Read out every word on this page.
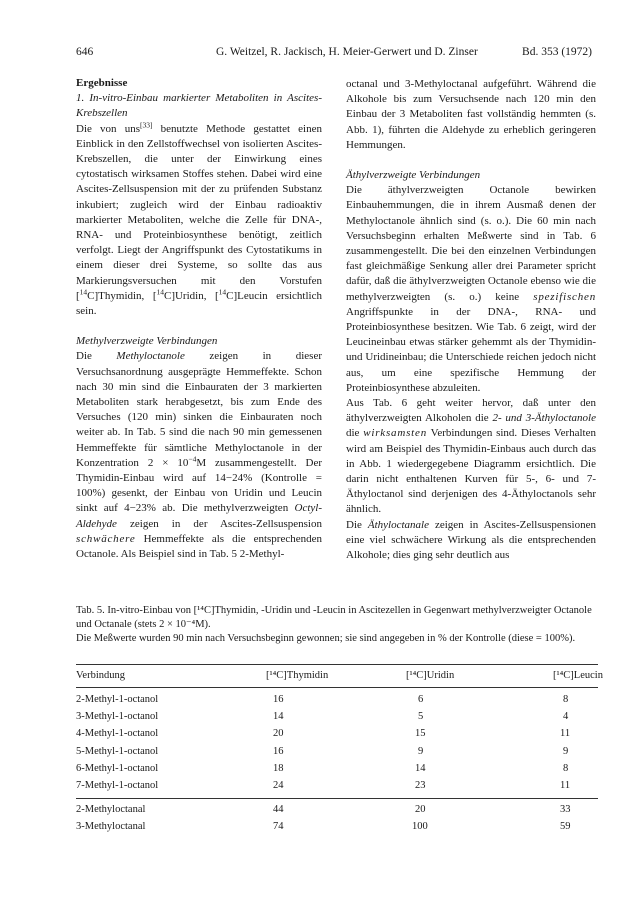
646	G. Weitzel, R. Jackisch, H. Meier-Gerwert und D. Zinser	Bd. 353 (1972)

Ergebnisse

1. In-vitro-Einbau markierter Metaboliten in Ascites-Krebszellen

Die von uns[33] benutzte Methode gestattet einen Einblick in den Zellstoffwechsel von isolierten Ascites-Krebszellen, die unter der Einwirkung eines cytostatisch wirksamen Stoffes stehen. Dabei wird eine Ascites-Zellsuspension mit der zu prüfenden Substanz inkubiert; zugleich wird der Einbau radioaktiv markierter Metaboliten, welche die Zelle für DNA-, RNA- und Proteinbiosynthese benötigt, zeitlich verfolgt. Liegt der Angriffspunkt des Cytostatikums in einem dieser drei Systeme, so sollte das aus Markierungsversuchen mit den Vorstufen [$^{14}$C]Thymidin, [$^{14}$C]Uridin, [$^{14}$C]Leucin ersichtlich sein.

Methylverzweigte Verbindungen

Die Methyloctanole zeigen in dieser Versuchsanordnung ausgeprägte Hemmeffekte. Schon nach 30 min sind die Einbauraten der 3 markierten Metaboliten stark herabgesetzt, bis zum Ende des Versuches (120 min) sinken die Einbauraten noch weiter ab. In Tab. 5 sind die nach 90 min gemessenen Hemmeffekte für sämtliche Methyloctanole in der Konzentration $2 \times 10^{-4}M$ zusammengestellt. Der Thymidin-Einbau wird auf 14−24% (Kontrolle = 100%) gesenkt, der Einbau von Uridin und Leucin sinkt auf 4−23% ab. Die methylverzweigten Octyl-Aldehyde zeigen in der Ascites-Zellsuspension schwächere Hemmeffekte als die entsprechenden Octanole. Als Beispiel sind in Tab. 5 2-Methyl-

octanal und 3-Methyloctanal aufgeführt. Während die Alkohole bis zum Versuchsende nach 120 min den Einbau der 3 Metaboliten fast vollständig hemmten (s. Abb. 1), führten die Aldehyde zu erheblich geringeren Hemmungen.

Äthylverzweigte Verbindungen

Die äthylverzweigten Octanole bewirken Einbauhemmungen, die in ihrem Ausmaß denen der Methyloctanole ähnlich sind (s. o.). Die 60 min nach Versuchsbeginn erhalten Meßwerte sind in Tab. 6 zusammengestellt. Die bei den einzelnen Verbindungen fast gleichmäßige Senkung aller drei Parameter spricht dafür, daß die äthylverzweigten Octanole ebenso wie die methylverzweigten (s. o.) keine spezifischen Angriffspunkte in der DNA-, RNA- und Proteinbiosynthese besitzen. Wie Tab. 6 zeigt, wird der Leucineinbau etwas stärker gehemmt als der Thymidin- und Uridineinbau; die Unterschiede reichen jedoch nicht aus, um eine spezifische Hemmung der Proteinbiosynthese abzuleiten.

Aus Tab. 6 geht weiter hervor, daß unter den äthylverzweigten Alkoholen die 2- und 3-Äthyloctanole die wirksamsten Verbindungen sind. Dieses Verhalten wird am Beispiel des Thymidin-Einbaus auch durch das in Abb. 1 wiedergegebene Diagramm ersichtlich. Die darin nicht enthaltenen Kurven für 5-, 6- und 7-Äthyloctanol sind derjenigen des 4-Äthyloctanols sehr ähnlich.

Die Äthyloctanale zeigen in Ascites-Zellsuspensionen eine viel schwächere Wirkung als die entsprechenden Alkohole; dies ging sehr deutlich aus

Tab. 5. In-vitro-Einbau von [¹⁴C]Thymidin, -Uridin und -Leucin in Ascitezellen in Gegenwart methylverzweigter Octanole und Octanale (stets 2 × 10⁻⁴M).

Die Meßwerte wurden 90 min nach Versuchsbeginn gewonnen; sie sind angegeben in % der Kontrolle (diese = 100%).

Verbindung	[¹⁴C]Thymidin	[¹⁴C]Uridin	[¹⁴C]Leucin
2-Methyl-1-octanol	16	6	8
3-Methyl-1-octanol	14	5	4
4-Methyl-1-octanol	20	15	11
5-Methyl-1-octanol	16	9	9
6-Methyl-1-octanol	18	14	8
7-Methyl-1-octanol	24	23	11
2-Methyloctanal	44	20	33
3-Methyloctanal	74	100	59
